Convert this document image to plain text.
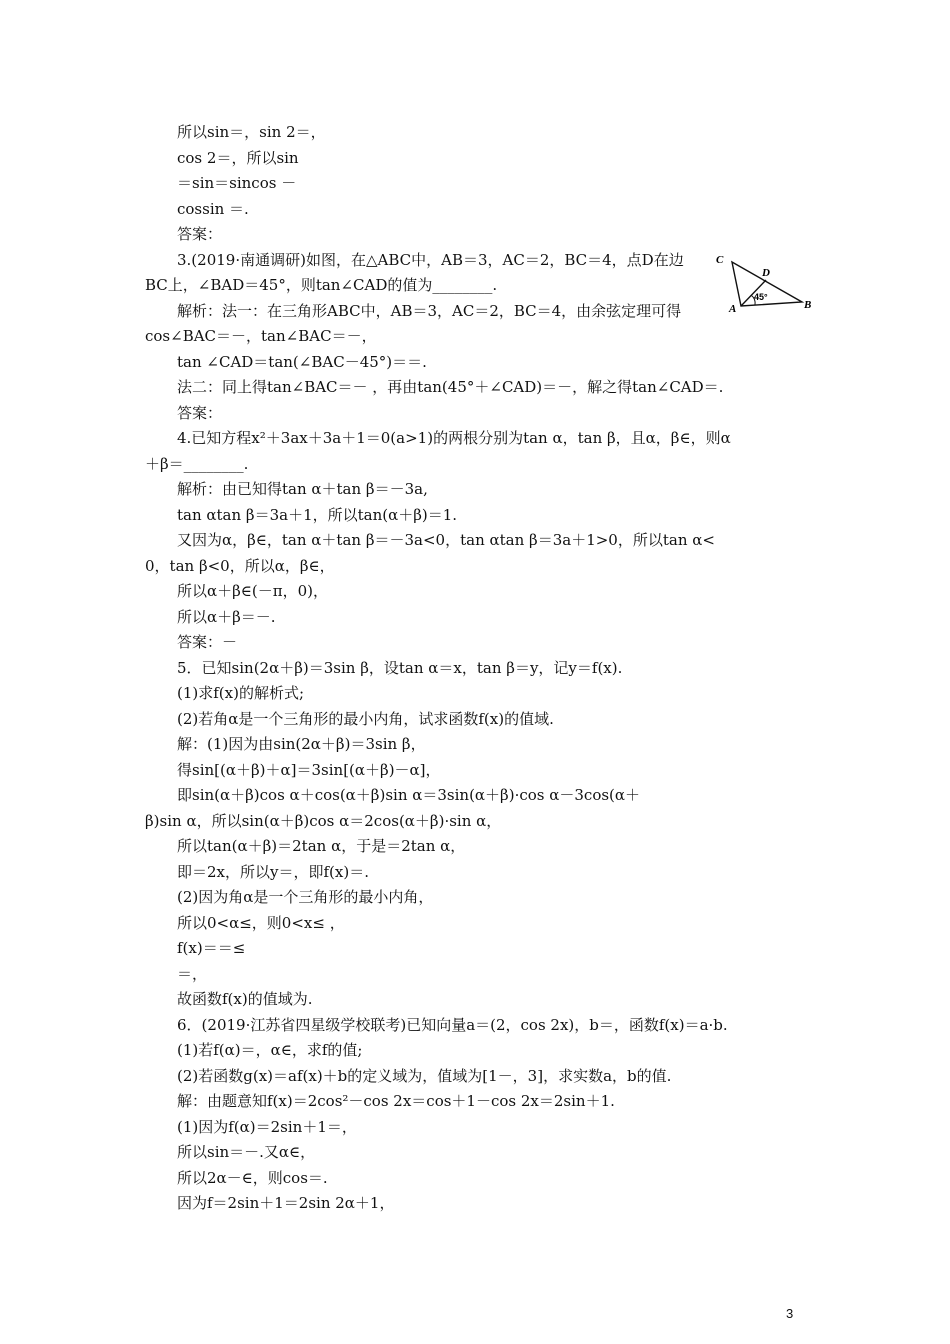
所以sin＝，sin 2＝，

cos 2＝，所以sin

＝sin＝sincos －

cossin ＝.

答案：

3.(2019·南通调研)如图，在△ABC中，AB＝3，AC＝2，BC＝4，点D在边

BC上，∠BAD＝45°，则tan∠CAD的值为________.

解析：法一：在三角形ABC中，AB＝3，AC＝2，BC＝4，由余弦定理可得

cos∠BAC＝－，tan∠BAC＝－，

tan ∠CAD＝tan(∠BAC－45°)＝＝.

法二：同上得tan∠BAC＝－ ，再由tan(45°＋∠CAD)＝－，解之得tan∠CAD＝.

答案：

4.已知方程x²＋3ax＋3a＋1＝0(a>1)的两根分别为tan α，tan β，且α，β∈，则α

＋β＝________.

解析：由已知得tan α＋tan β＝－3a,

tan αtan β＝3a＋1，所以tan(α＋β)＝1.

又因为α，β∈，tan α＋tan β＝－3a<0，tan αtan β＝3a＋1>0，所以tan α<

0，tan β<0，所以α，β∈，

所以α＋β∈(－π，0)，

所以α＋β＝－.

答案：－

5．已知sin(2α＋β)＝3sin β，设tan α＝x，tan β＝y，记y＝f(x).

(1)求f(x)的解析式;

(2)若角α是一个三角形的最小内角，试求函数f(x)的值域.

解：(1)因为由sin(2α＋β)＝3sin β，

得sin[(α＋β)＋α]＝3sin[(α＋β)－α]，

即sin(α＋β)cos α＋cos(α＋β)sin α＝3sin(α＋β)·cos α－3cos(α＋

β)sin α，所以sin(α＋β)cos α＝2cos(α＋β)·sin α，

所以tan(α＋β)＝2tan α，于是＝2tan α，

即＝2x，所以y＝，即f(x)＝.

(2)因为角α是一个三角形的最小内角，

所以0<α≤，则0<x≤ ，

f(x)＝＝≤

＝，

故函数f(x)的值域为.

6．(2019·江苏省四星级学校联考)已知向量a＝(2，cos 2x)，b＝，函数f(x)＝a·b.

(1)若f(α)＝，α∈，求f的值;

(2)若函数g(x)＝af(x)＋b的定义域为，值域为[1－，3]，求实数a，b的值.

解：由题意知f(x)＝2cos²－cos 2x＝cos＋1－cos 2x＝2sin＋1.

(1)因为f(α)＝2sin＋1＝，

所以sin＝－.又α∈，

所以2α－∈，则cos＝.

因为f＝2sin＋1＝2sin 2α＋1，

C
D
A	B
45°
3
